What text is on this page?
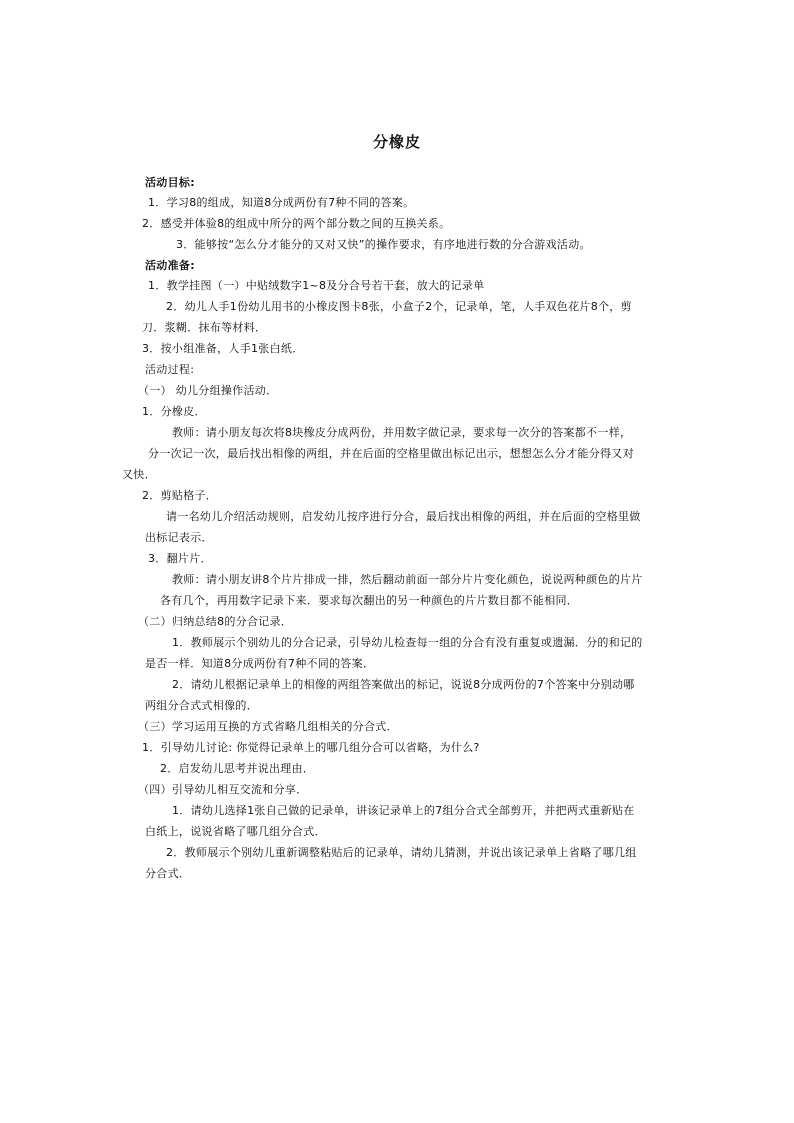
分橡皮
活动目标:
1．学习8的组成，知道8分成两份有7种不同的答案。
2．感受并体验8的组成中所分的两个部分数之间的互换关系。
3．能够按“怎么分才能分的又对又快”的操作要求，有序地进行数的分合游戏活动。
活动准备:
1．教学挂图（一）中贴绒数字1~8及分合号若干套，放大的记录单
2．幼儿人手1份幼儿用书的小橡皮图卡8张，小盒子2个，记录单，笔，人手双色花片8个，剪
刀．浆糊．抹布等材料．
3．按小组准备，人手1张白纸．
活动过程:
（一） 幼儿分组操作活动．
1．分橡皮．
教师：请小朋友每次将8块橡皮分成两份，并用数字做记录，要求每一次分的答案都不一样，
分一次记一次，最后找出相像的两组，并在后面的空格里做出标记出示，想想怎么分才能分得又对
又快．
2．剪贴格子．
请一名幼儿介绍活动规则，启发幼儿按序进行分合，最后找出相像的两组，并在后面的空格里做
出标记表示．
3．翻片片．
教师：请小朋友讲8个片片排成一排，然后翻动前面一部分片片变化颜色，说说两种颜色的片片
各有几个，再用数字记录下来．要求每次翻出的另一种颜色的片片数目都不能相同．
（二）归纳总结8的分合记录．
1．教师展示个别幼儿的分合记录，引导幼儿检查每一组的分合有没有重复或遗漏．分的和记的
是否一样．知道8分成两份有7种不同的答案．
2．请幼儿根据记录单上的相像的两组答案做出的标记，说说8分成两份的7个答案中分别动哪
两组分合式式相像的．
（三）学习运用互换的方式省略几组相关的分合式．
1．引导幼儿讨论: 你觉得记录单上的哪几组分合可以省略，为什么?
2．启发幼儿思考并说出理由．
（四）引导幼儿相互交流和分享．
1．请幼儿选择1张自己做的记录单，讲该记录单上的7组分合式全部剪开，并把两式重新贴在
白纸上，说说省略了哪几组分合式．
2．教师展示个别幼儿重新调整粘贴后的记录单，请幼儿猜测，并说出该记录单上省略了哪几组
分合式．
